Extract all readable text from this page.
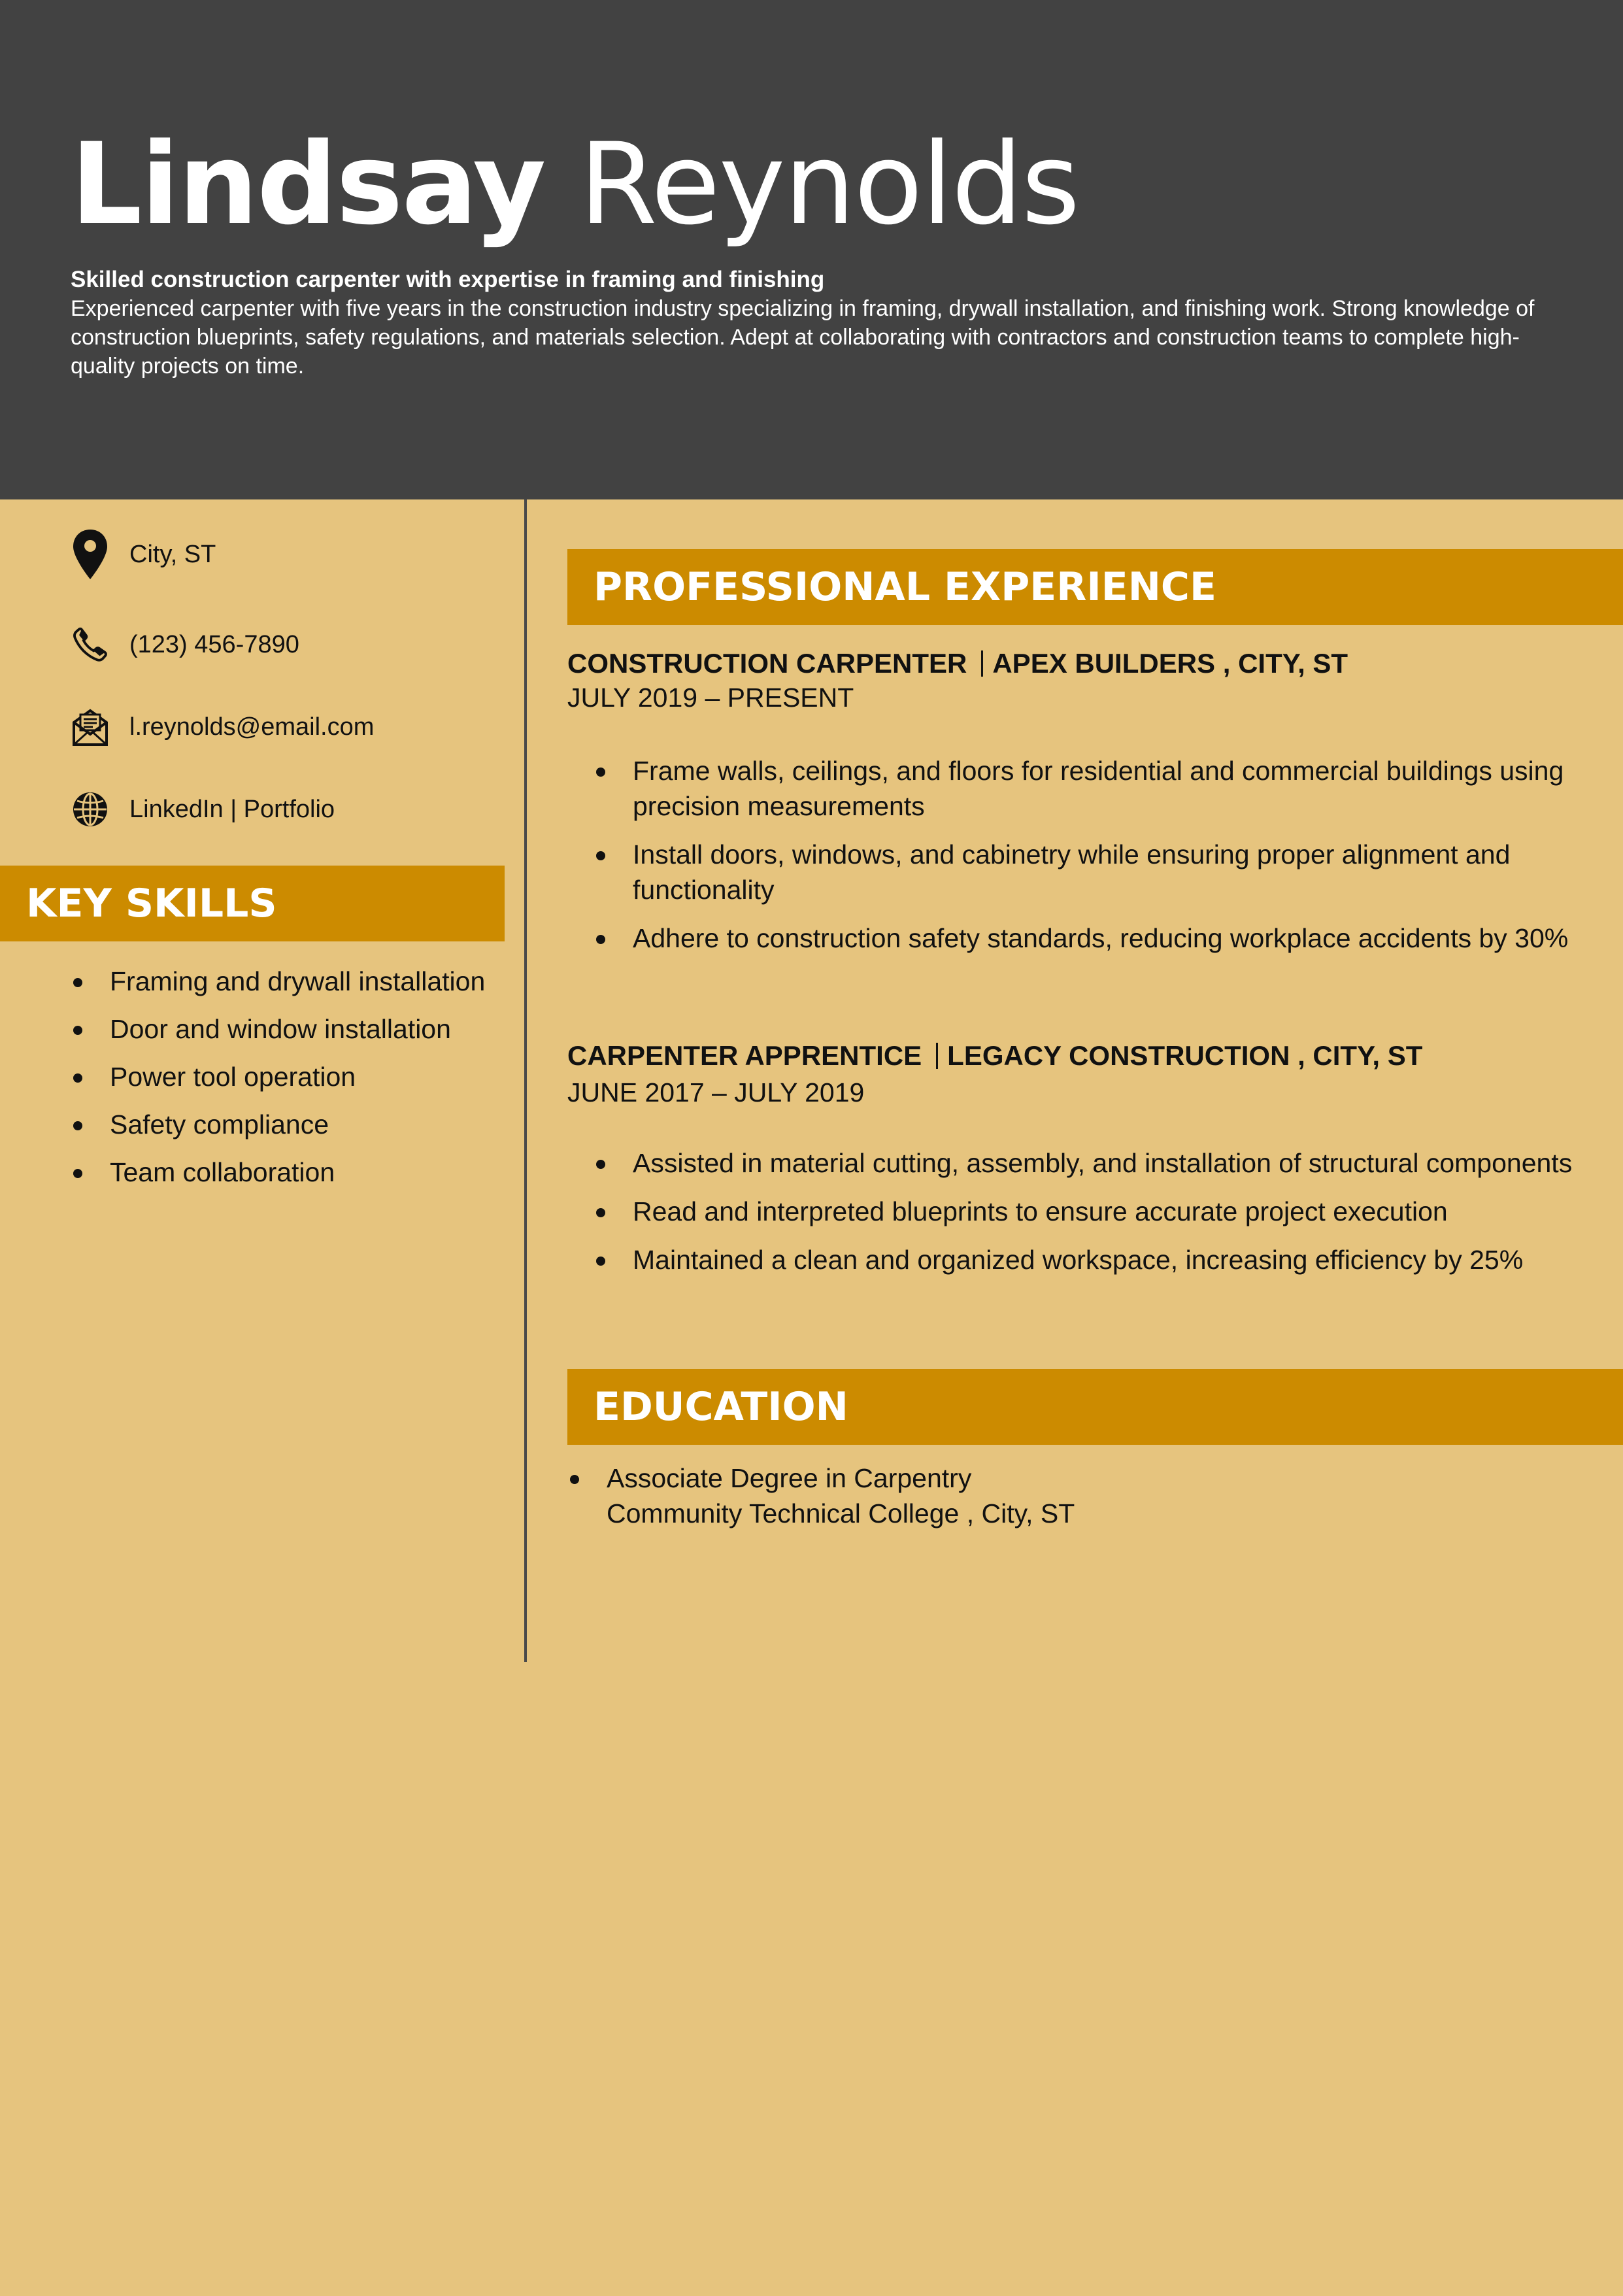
Lindsay Reynolds
Skilled construction carpenter with expertise in framing and finishing
Experienced carpenter with five years in the construction industry specializing in framing, drywall installation, and finishing work. Strong knowledge of construction blueprints, safety regulations, and materials selection. Adept at collaborating with contractors and construction teams to complete high-quality projects on time.
City, ST
(123) 456-7890
l.reynolds@email.com
LinkedIn | Portfolio
KEY SKILLS
Framing and drywall installation
Door and window installation
Power tool operation
Safety compliance
Team collaboration
PROFESSIONAL EXPERIENCE
CONSTRUCTION CARPENTER APEX BUILDERS , CITY, ST
JULY 2019 – PRESENT
Frame walls, ceilings, and floors for residential and commercial buildings using precision measurements
Install doors, windows, and cabinetry while ensuring proper alignment and functionality
Adhere to construction safety standards, reducing workplace accidents by 30%
CARPENTER APPRENTICE LEGACY CONSTRUCTION , CITY, ST
JUNE 2017 – JULY 2019
Assisted in material cutting, assembly, and installation of structural components
Read and interpreted blueprints to ensure accurate project execution
Maintained a clean and organized workspace, increasing efficiency by 25%
EDUCATION
Associate Degree in Carpentry
Community Technical College , City, ST
